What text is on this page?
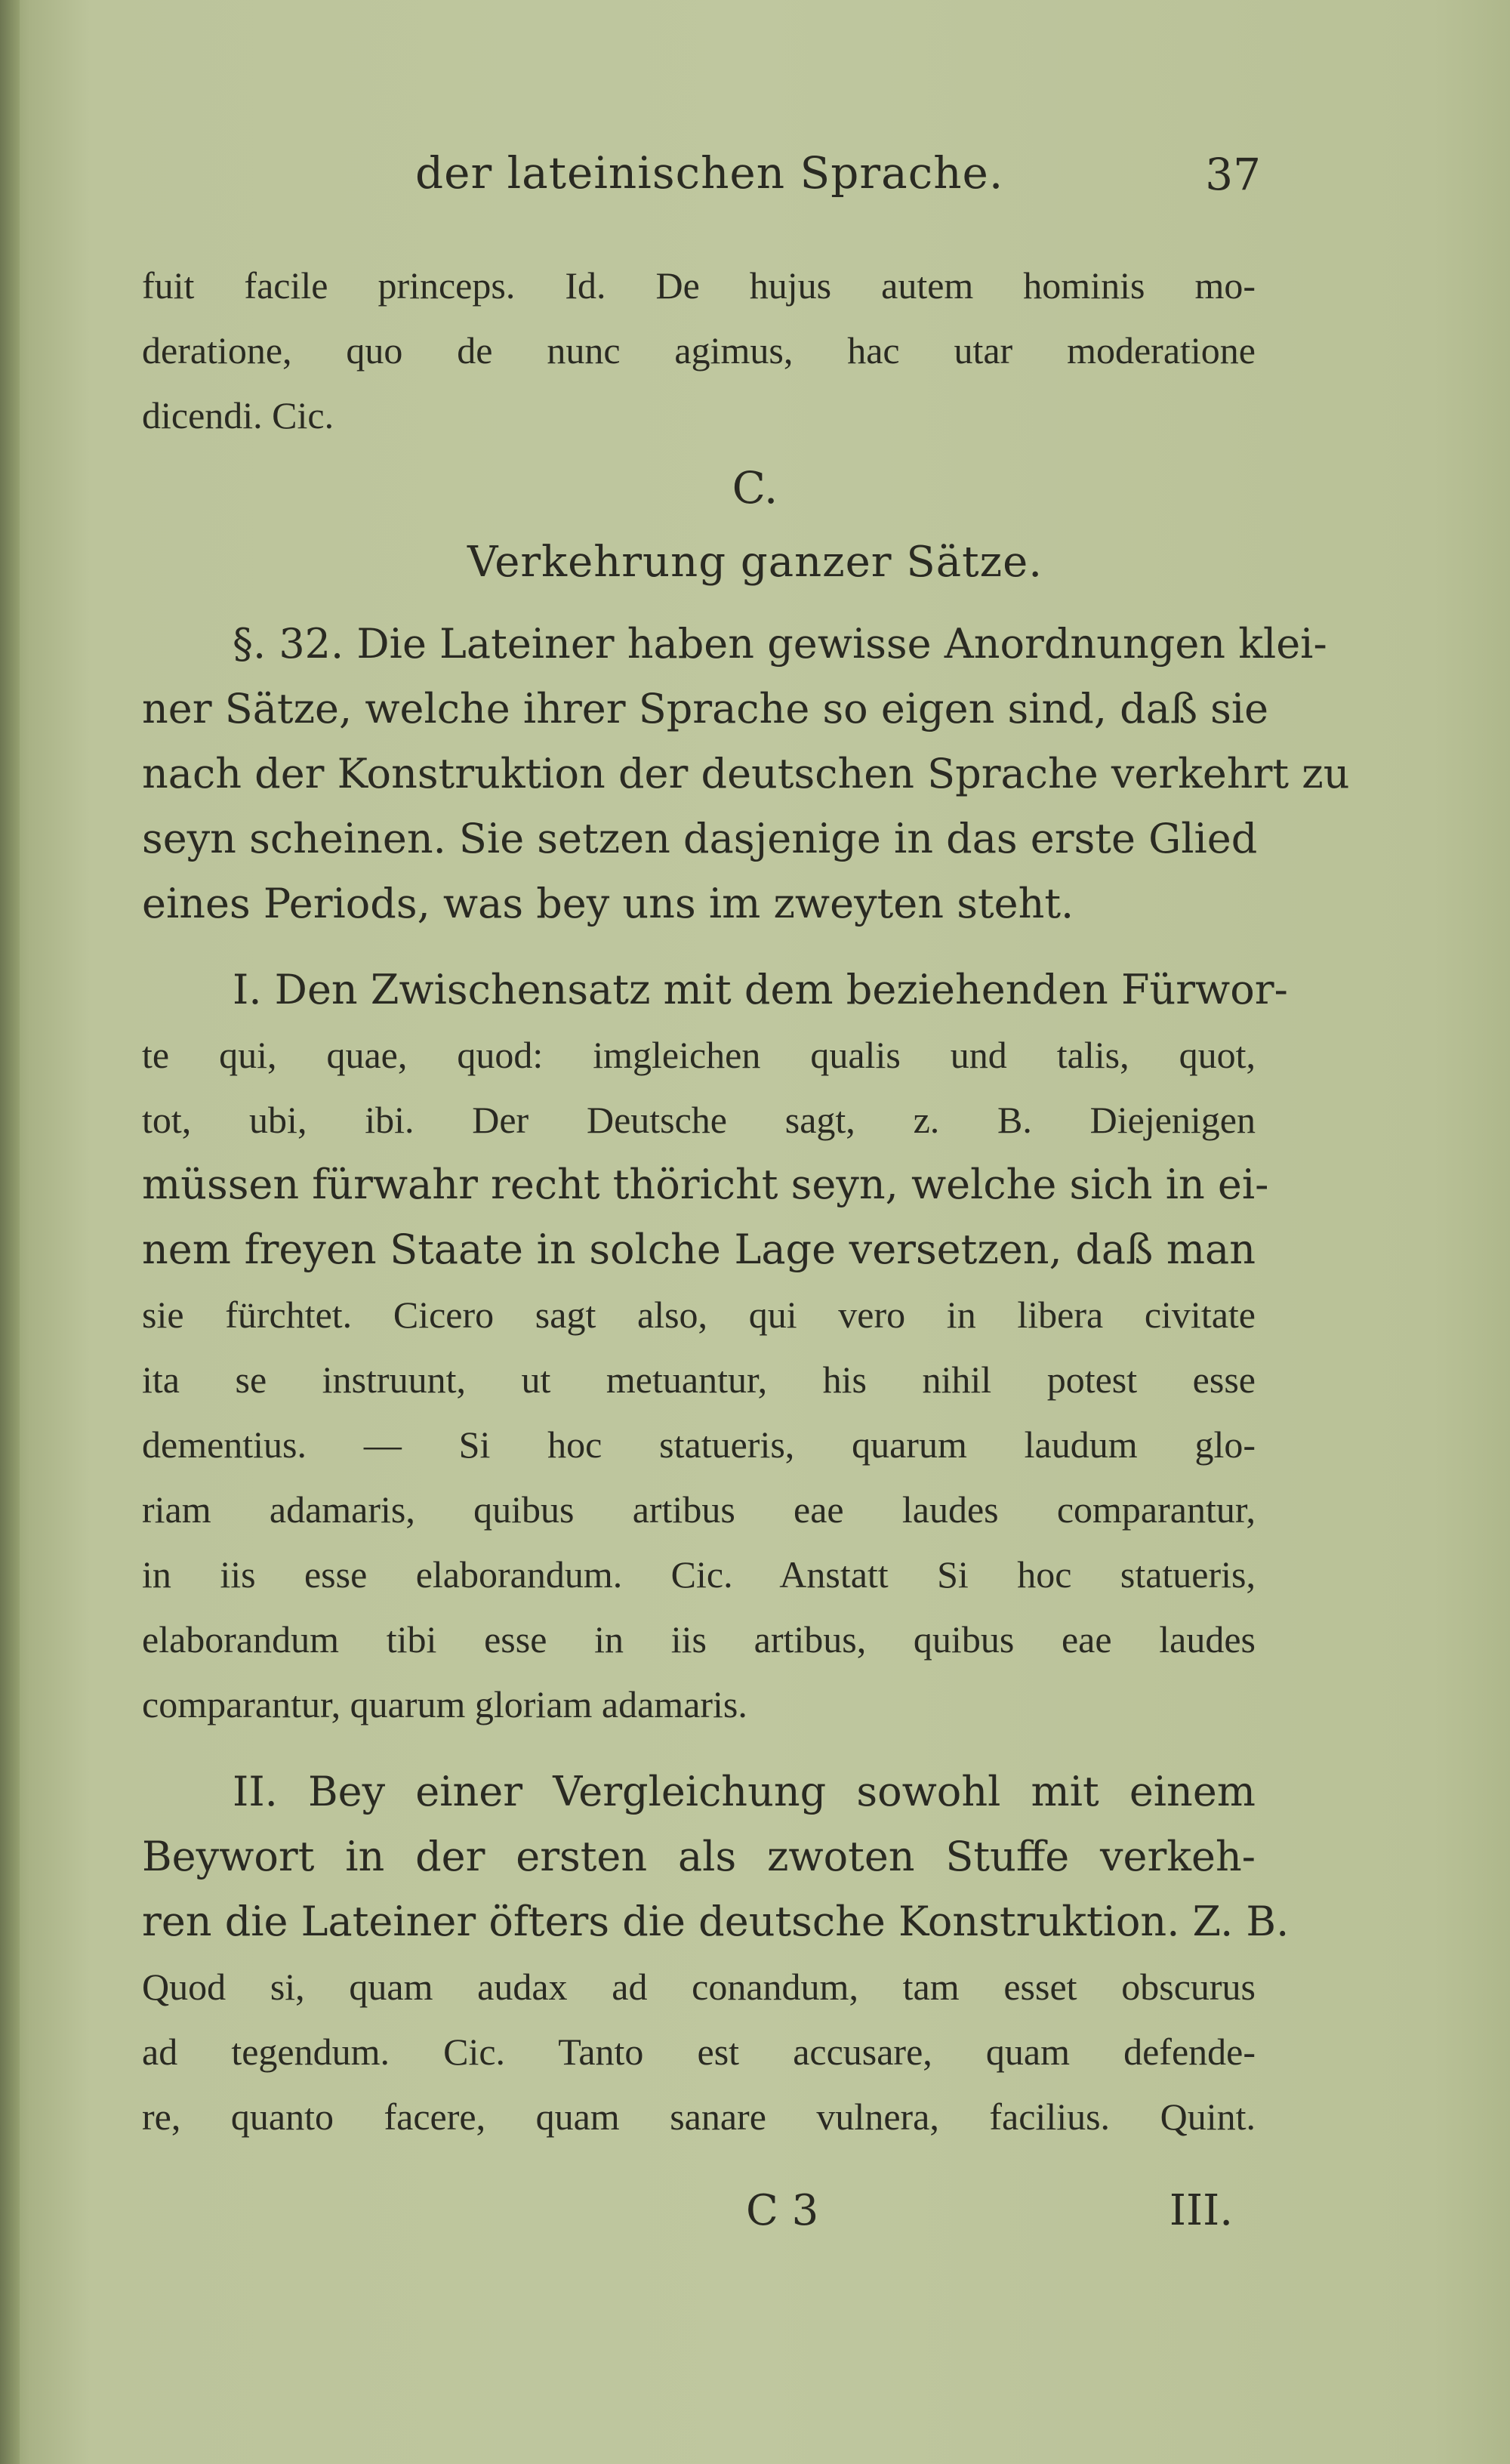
der lateinischen Sprache.	37
fuit facile princeps. Id. De hujus autem hominis mo-
deratione, quo de nunc agimus, hac utar moderatione
dicendi. Cic.
C.
Verkehrung ganzer Sätze.
§. 32. Die Lateiner haben gewisse Anordnungen klei-
ner Sätze, welche ihrer Sprache so eigen sind, daß sie
nach der Konstruktion der deutschen Sprache verkehrt zu
seyn scheinen. Sie setzen dasjenige in das erste Glied
eines Periods, was bey uns im zweyten steht.
I. Den Zwischensatz mit dem beziehenden Fürwor-
te qui, quae, quod: imgleichen qualis und talis, quot,
tot, ubi, ibi. Der Deutsche sagt, z. B. Diejenigen
müssen fürwahr recht thöricht seyn, welche sich in ei-
nem freyen Staate in solche Lage versetzen, daß man
sie fürchtet. Cicero sagt also, qui vero in libera civitate
ita se instruunt, ut metuantur, his nihil potest esse
dementius. — Si hoc statueris, quarum laudum glo-
riam adamaris, quibus artibus eae laudes comparantur,
in iis esse elaborandum. Cic. Anstatt Si hoc statueris,
elaborandum tibi esse in iis artibus, quibus eae laudes
comparantur, quarum gloriam adamaris.
II. Bey einer Vergleichung sowohl mit einem
Beywort in der ersten als zwoten Stuffe verkeh-
ren die Lateiner öfters die deutsche Konstruktion. Z. B.
Quod si, quam audax ad conandum, tam esset obscurus
ad tegendum. Cic. Tanto est accusare, quam defende-
re, quanto facere, quam sanare vulnera, facilius. Quint.
C 3	III.
